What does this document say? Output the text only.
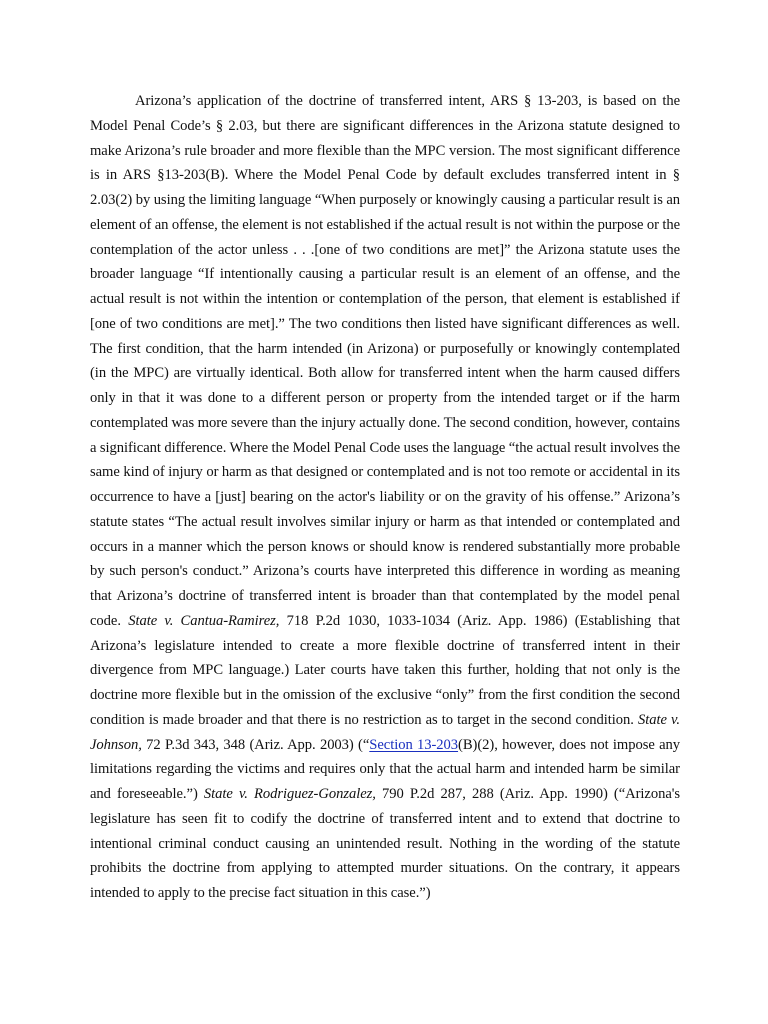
Arizona’s application of the doctrine of transferred intent, ARS § 13-203, is based on the Model Penal Code’s § 2.03, but there are significant differences in the Arizona statute designed to make Arizona’s rule broader and more flexible than the MPC version. The most significant difference is in ARS §13-203(B). Where the Model Penal Code by default excludes transferred intent in § 2.03(2) by using the limiting language “When purposely or knowingly causing a particular result is an element of an offense, the element is not established if the actual result is not within the purpose or the contemplation of the actor unless . . .[one of two conditions are met]” the Arizona statute uses the broader language “If intentionally causing a particular result is an element of an offense, and the actual result is not within the intention or contemplation of the person, that element is established if [one of two conditions are met].” The two conditions then listed have significant differences as well. The first condition, that the harm intended (in Arizona) or purposefully or knowingly contemplated (in the MPC) are virtually identical. Both allow for transferred intent when the harm caused differs only in that it was done to a different person or property from the intended target or if the harm contemplated was more severe than the injury actually done. The second condition, however, contains a significant difference. Where the Model Penal Code uses the language “the actual result involves the same kind of injury or harm as that designed or contemplated and is not too remote or accidental in its occurrence to have a [just] bearing on the actor's liability or on the gravity of his offense.” Arizona’s statute states “The actual result involves similar injury or harm as that intended or contemplated and occurs in a manner which the person knows or should know is rendered substantially more probable by such person's conduct.” Arizona’s courts have interpreted this difference in wording as meaning that Arizona’s doctrine of transferred intent is broader than that contemplated by the model penal code. State v. Cantua-Ramirez, 718 P.2d 1030, 1033-1034 (Ariz. App. 1986) (Establishing that Arizona’s legislature intended to create a more flexible doctrine of transferred intent in their divergence from MPC language.) Later courts have taken this further, holding that not only is the doctrine more flexible but in the omission of the exclusive “only” from the first condition the second condition is made broader and that there is no restriction as to target in the second condition. State v. Johnson, 72 P.3d 343, 348 (Ariz. App. 2003) (“Section 13-203(B)(2), however, does not impose any limitations regarding the victims and requires only that the actual harm and intended harm be similar and foreseeable.”) State v. Rodriguez-Gonzalez, 790 P.2d 287, 288 (Ariz. App. 1990) (“Arizona's legislature has seen fit to codify the doctrine of transferred intent and to extend that doctrine to intentional criminal conduct causing an unintended result. Nothing in the wording of the statute prohibits the doctrine from applying to attempted murder situations. On the contrary, it appears intended to apply to the precise fact situation in this case.”)
